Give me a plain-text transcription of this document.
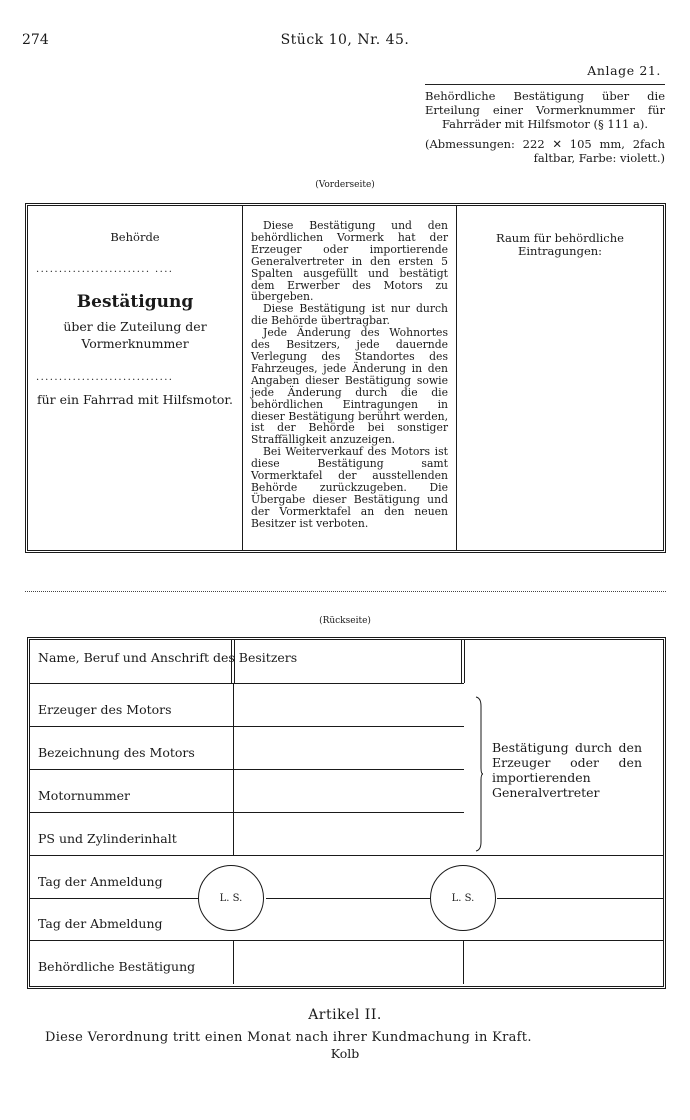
274	Stück 10, Nr. 45.
Anlage 21.
Behördliche Bestätigung über die Erteilung einer Vormerknummer für Fahrräder mit Hilfsmotor (§ 111 a).
(Abmessungen: 222 ✕ 105 mm, 2fach faltbar, Farbe: violett.)
(Vorderseite)
Behörde
......................... ....
Bestätigung
über die Zuteilung der Vormerknummer
..............................
für ein Fahrrad mit Hilfsmotor.

Diese Bestätigung und den behördlichen Vormerk hat der Erzeuger oder importierende Generalvertreter in den ersten 5 Spalten ausgefüllt und bestätigt dem Erwerber des Motors zu übergeben.

Diese Bestätigung ist nur durch die Behörde übertragbar.

Jede Änderung des Wohnortes des Besitzers, jede dauernde Verlegung des Standortes des Fahrzeuges, jede Änderung in den Angaben dieser Bestätigung sowie jede Änderung durch die die behördlichen Eintragungen in dieser Bestätigung berührt werden, ist der Behörde bei sonstiger Straffälligkeit anzuzeigen.

Bei Weiterverkauf des Motors ist diese Bestätigung samt Vormerktafel der ausstellenden Behörde zurückzugeben. Die Übergabe dieser Bestätigung und der Vormerktafel an den neuen Besitzer ist verboten.

Raum für behördliche Eintragungen:
(Rückseite)
Name, Beruf und Anschrift des Besitzers
Erzeuger des Motors
Bezeichnung des Motors
Motornummer
PS und Zylinderinhalt
Tag der Anmeldung
Tag der Abmeldung
Behördliche Bestätigung
Bestätigung durch den Erzeuger oder den importierenden Generalvertreter
L. S.	L. S.
Artikel II.
Diese Verordnung tritt einen Monat nach ihrer Kundmachung in Kraft.
Kolb
